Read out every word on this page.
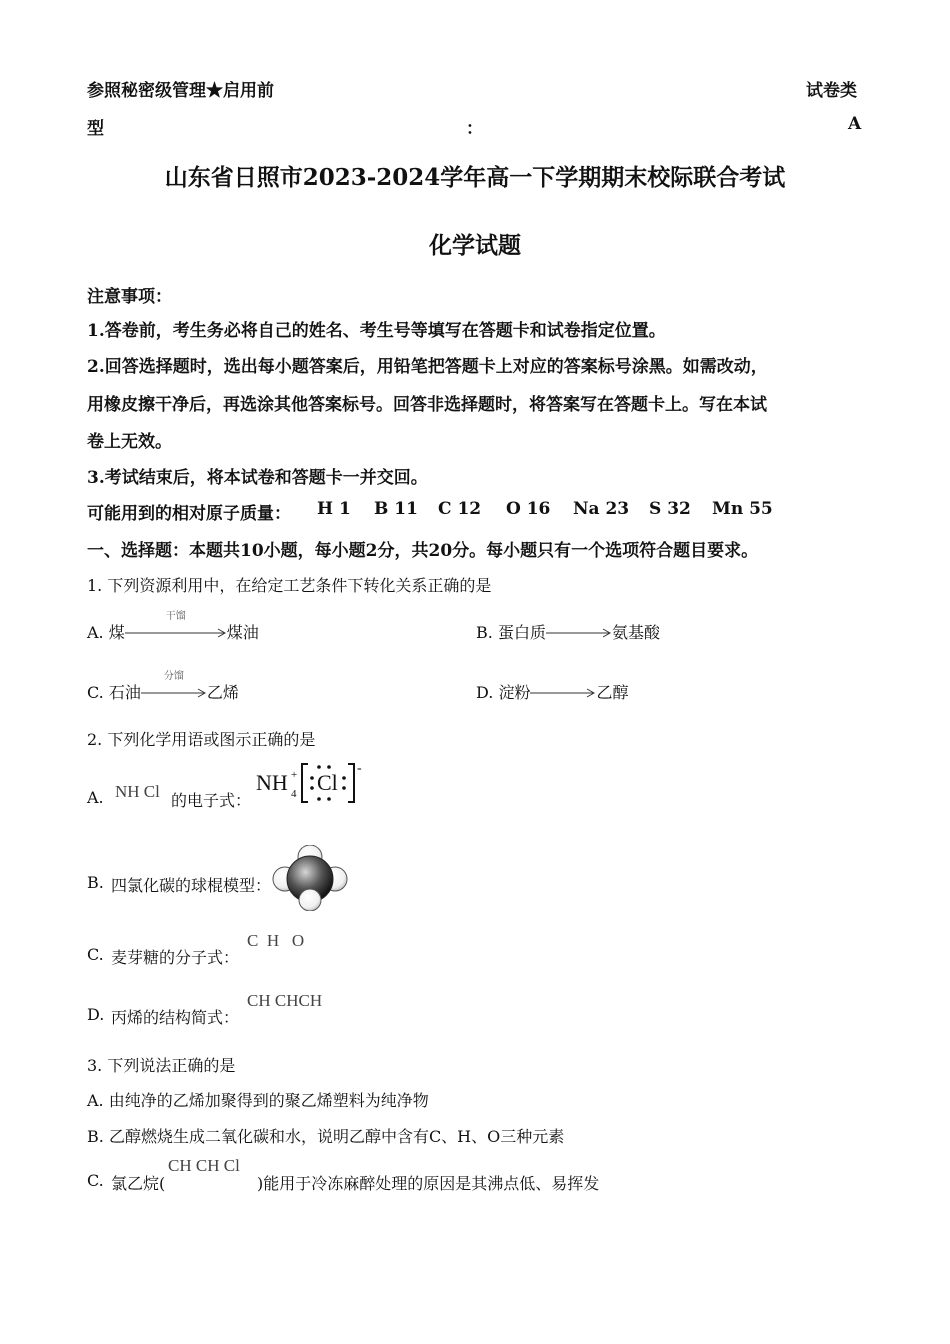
参照秘密级管理★启用前	试卷类
型	：	A
山东省日照市2023-2024学年高一下学期期末校际联合考试
化学试题
注意事项：
1.答卷前，考生务必将自己的姓名、考生号等填写在答题卡和试卷指定位置。
2.回答选择题时，选出每小题答案后，用铅笔把答题卡上对应的答案标号涂黑。如需改动，
用橡皮擦干净后，再选涂其他答案标号。回答非选择题时，将答案写在答题卡上。写在本试
卷上无效。
3.考试结束后，将本试卷和答题卡一并交回。
可能用到的相对原子质量： H 1 B 11 C 12 O 16 Na 23 S 32 Mn 55
一、选择题：本题共10小题，每小题2分，共20分。每小题只有一个选项符合题目要求。
1. 下列资源利用中，在给定工艺条件下转化关系正确的是
A. 煤
干馏
煤油	B. 蛋白质	氨基酸
C. 石油
分馏
乙烯	D. 淀粉	乙醇
2. 下列化学用语或图示正确的是
A. NH Cl 的电子式：
NH +
4 Cl
-
B. 四氯化碳的球棍模型：
C. 麦芽糖的分子式：
C  H   O
D. 丙烯的结构简式：
CH CHCH
3. 下列说法正确的是
A. 由纯净的乙烯加聚得到的聚乙烯塑料为纯净物
B. 乙醇燃烧生成二氧化碳和水，说明乙醇中含有C、H、O三种元素
C. 氯乙烷(
CH CH Cl
)能用于冷冻麻醉处理的原因是其沸点低、易挥发
